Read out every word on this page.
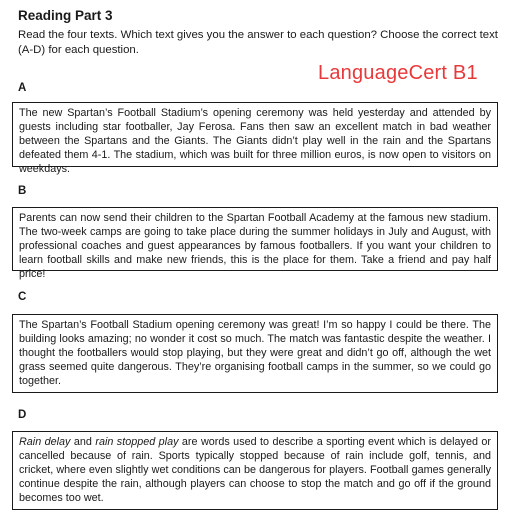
Reading Part 3

Read the four texts. Which text gives you the answer to each question? Choose the correct text (A-D) for each question.

LanguageCert B1
A

The new Spartan’s Football Stadium’s opening ceremony was held yesterday and attended by guests including star footballer, Jay Ferosa. Fans then saw an excellent match in bad weather between the Spartans and the Giants. The Giants didn’t play well in the rain and the Spartans defeated them 4-1. The stadium, which was built for three million euros, is now open to visitors on weekdays.

B

Parents can now send their children to the Spartan Football Academy at the famous new stadium. The two-week camps are going to take place during the summer holidays in July and August, with professional coaches and guest appearances by famous footballers. If you want your children to learn football skills and make new friends, this is the place for them. Take a friend and pay half price!

C

The Spartan’s Football Stadium opening ceremony was great! I’m so happy I could be there. The building looks amazing; no wonder it cost so much. The match was fantastic despite the weather. I thought the footballers would stop playing, but they were great and didn’t go off, although the wet grass seemed quite dangerous. They’re organising football camps in the summer, so we could go together.

D

Rain delay and rain stopped play are words used to describe a sporting event which is delayed or cancelled because of rain. Sports typically stopped because of rain include golf, tennis, and cricket, where even slightly wet conditions can be dangerous for players. Football games generally continue despite the rain, although players can choose to stop the match and go off if the ground becomes too wet.
